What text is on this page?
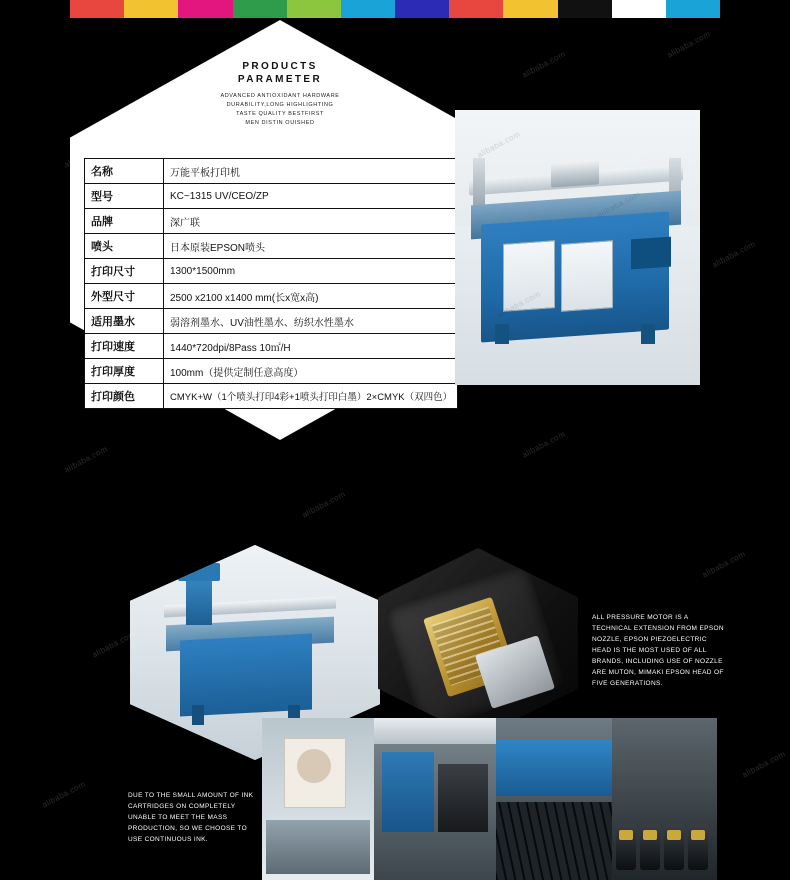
PRODUCTS
PARAMETER
ADVANCED ANTIOXIDANT HARDWARE
DURABILITY,LONG HIGHLIGHTING
TASTE QUALITY BESTFIRST
MEN DISTIN OUISHED
名称	万能平板打印机
型号	KC~1315 UV/CEO/ZP
品牌	深广联
喷头	日本原装EPSON喷头
打印尺寸	1300*1500mm
外型尺寸	2500 x2100 x1400 mm(长x宽x高)
适用墨水	弱溶剂墨水、UV油性墨水、纺织水性墨水
打印速度	1440*720dpi/8Pass 10㎡/H
打印厚度	100mm（提供定制任意高度）
打印颜色	CMYK+W（1个喷头打印4彩+1喷头打印白墨）2×CMYK（双四色）
ALL PRESSURE MOTOR IS A TECHNICAL EXTENSION FROM EPSON NOZZLE, EPSON PIEZOELECTRIC HEAD IS THE MOST USED OF ALL BRANDS, INCLUDING USE OF NOZZLE ARE MUTON, MIMAKI EPSON HEAD OF FIVE GENERATIONS.
DUE TO THE SMALL AMOUNT OF INK CARTRIDGES ON COMPLETELY UNABLE TO MEET THE MASS PRODUCTION, SO WE CHOOSE TO USE CONTINUOUS INK.
alibaba.com
alibaba.com
alibaba.com
alibaba.com
alibaba.com
alibaba.com
alibaba.com
alibaba.com
alibaba.com
alibaba.com
